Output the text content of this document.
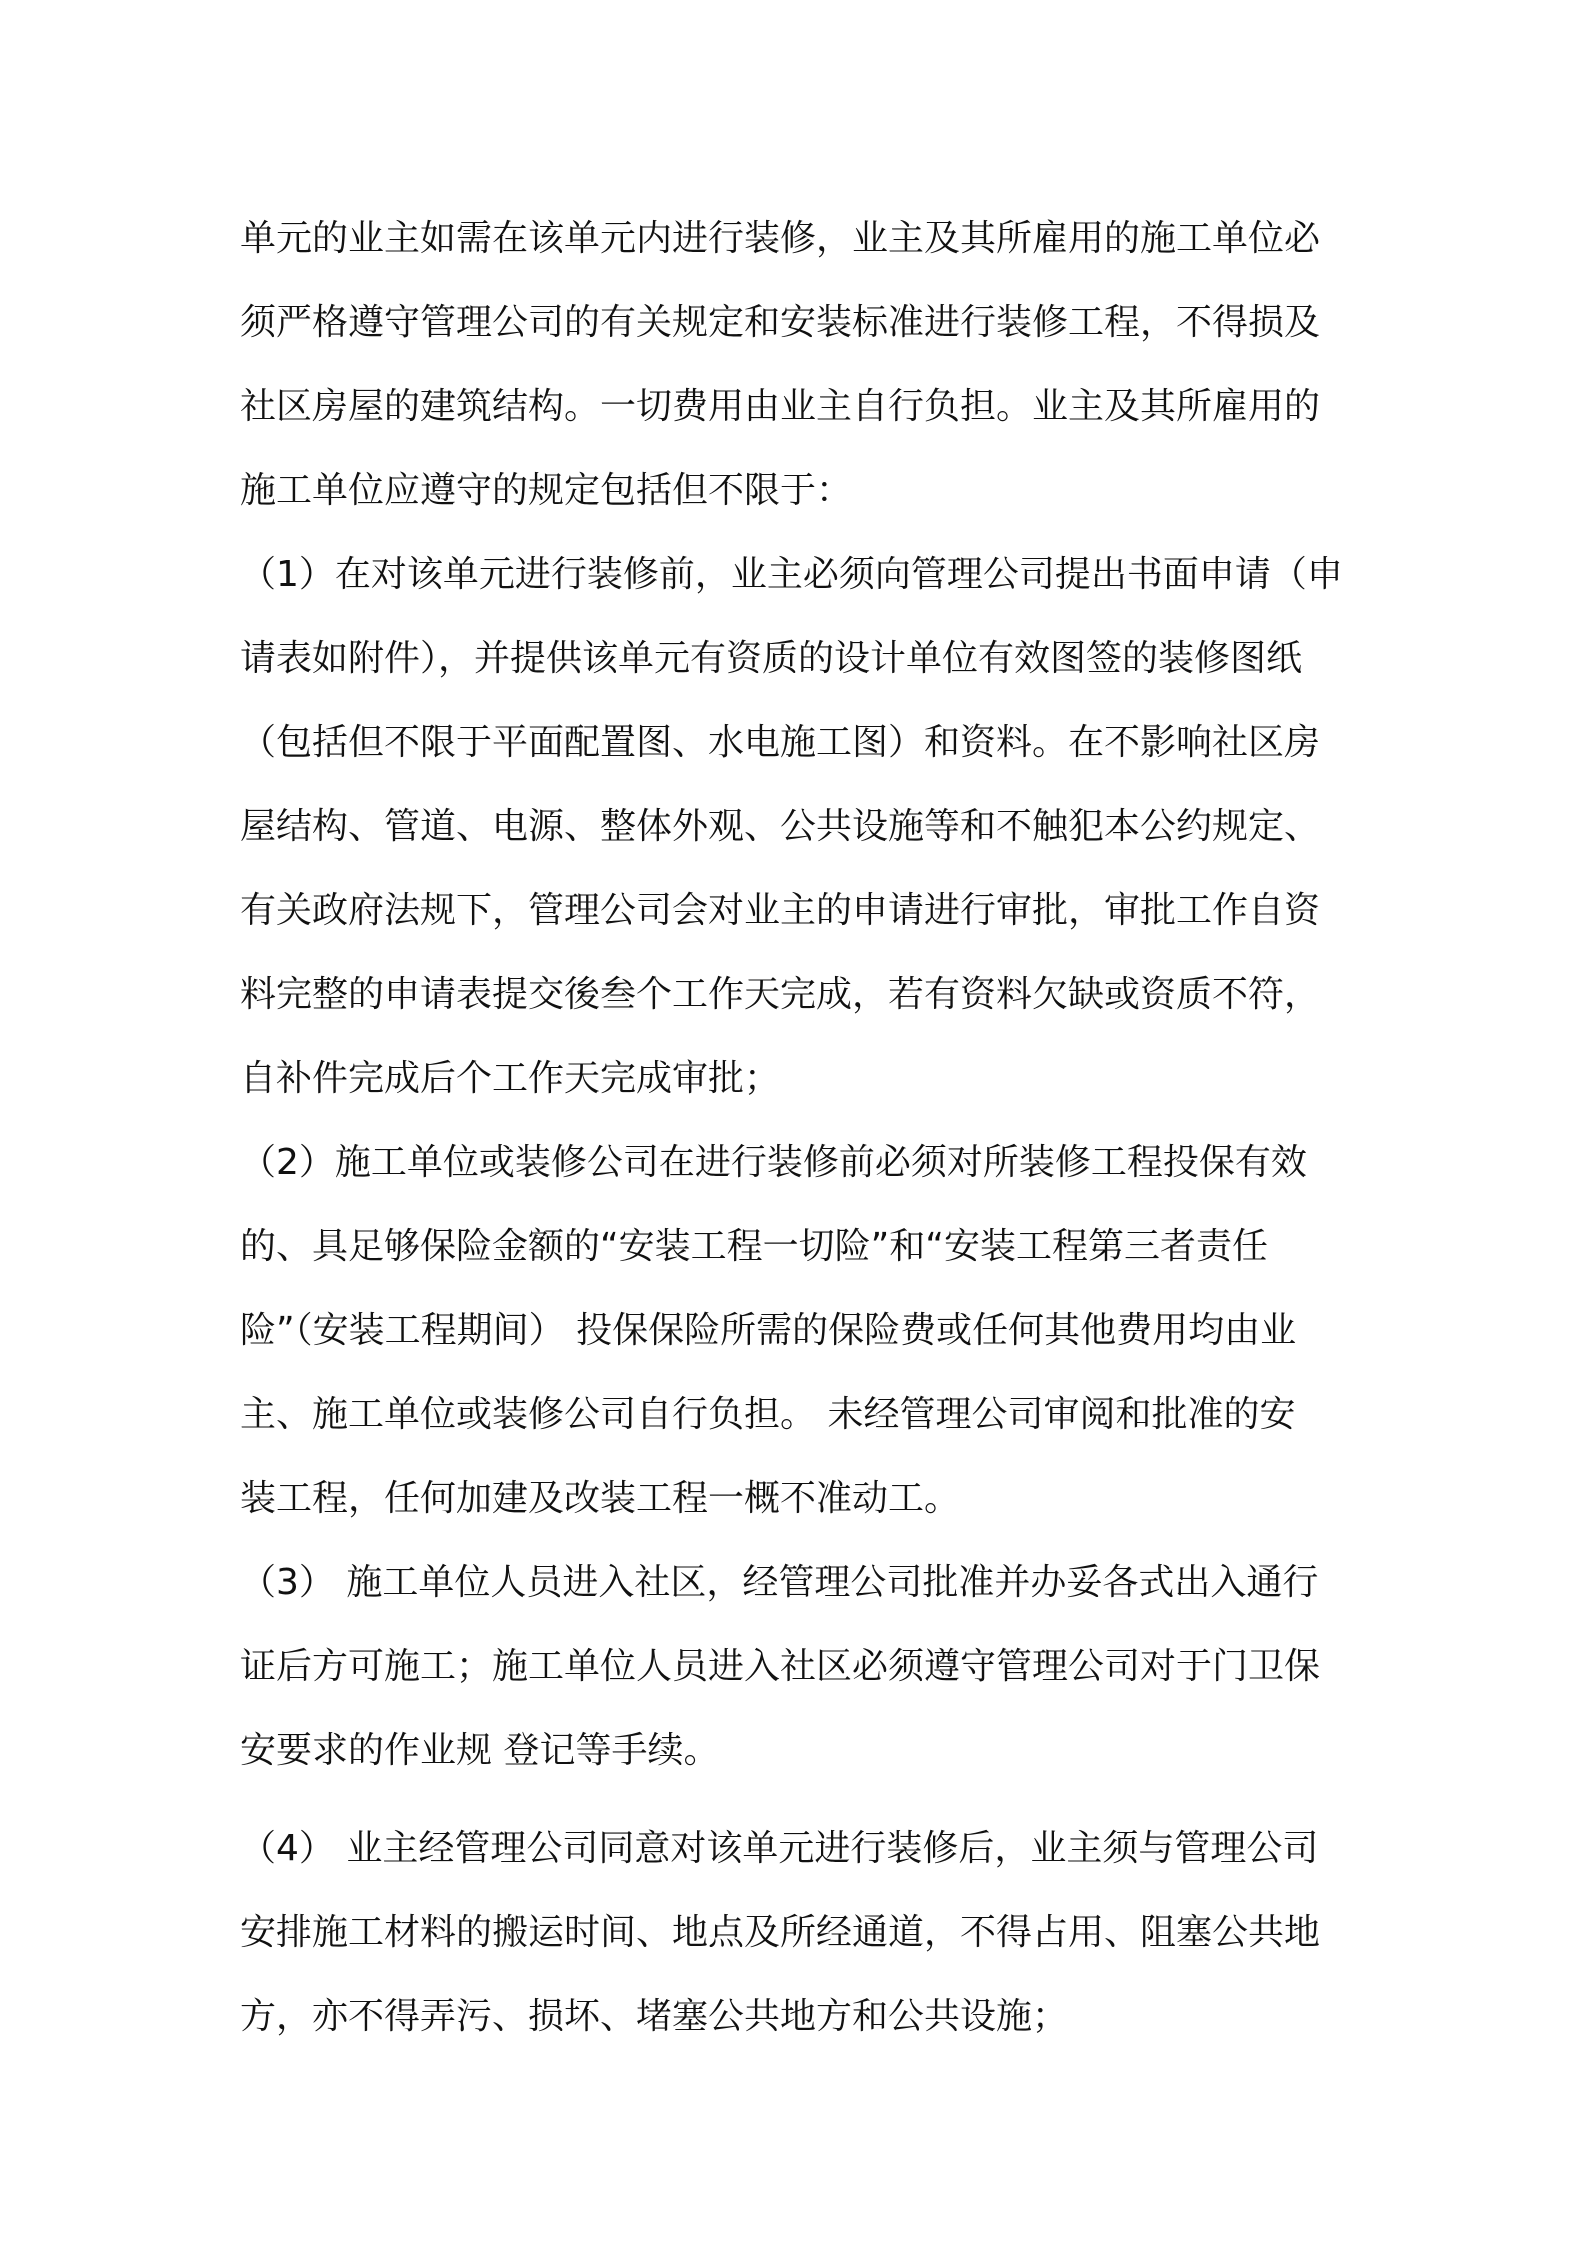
单元的业主如需在该单元内进行装修，业主及其所雇用的施工单位必
须严格遵守管理公司的有关规定和安装标准进行装修工程，不得损及
社区房屋的建筑结构。一切费用由业主自行负担。业主及其所雇用的
施工单位应遵守的规定包括但不限于：
（1）在对该单元进行装修前，业主必须向管理公司提出书面申请（申
请表如附件），并提供该单元有资质的设计单位有效图签的装修图纸
（包括但不限于平面配置图、水电施工图）和资料。在不影响社区房
屋结构、管道、电源、整体外观、公共设施等和不触犯本公约规定、
有关政府法规下，管理公司会对业主的申请进行审批，审批工作自资
料完整的申请表提交後叁个工作天完成，若有资料欠缺或资质不符，
自补件完成后个工作天完成审批；
（2）施工单位或装修公司在进行装修前必须对所装修工程投保有效
的、具足够保险金额的“安装工程一切险”和“安装工程第三者责任
险”（安装工程期间） 投保保险所需的保险费或任何其他费用均由业
主、施工单位或装修公司自行负担。 未经管理公司审阅和批准的安
装工程，任何加建及改装工程一概不准动工。
（3） 施工单位人员进入社区，经管理公司批准并办妥各式出入通行
证后方可施工；施工单位人员进入社区必须遵守管理公司对于门卫保
安要求的作业规 登记等手续。
（4） 业主经管理公司同意对该单元进行装修后，业主须与管理公司
安排施工材料的搬运时间、地点及所经通道，不得占用、阻塞公共地
方，亦不得弄污、损坏、堵塞公共地方和公共设施；
